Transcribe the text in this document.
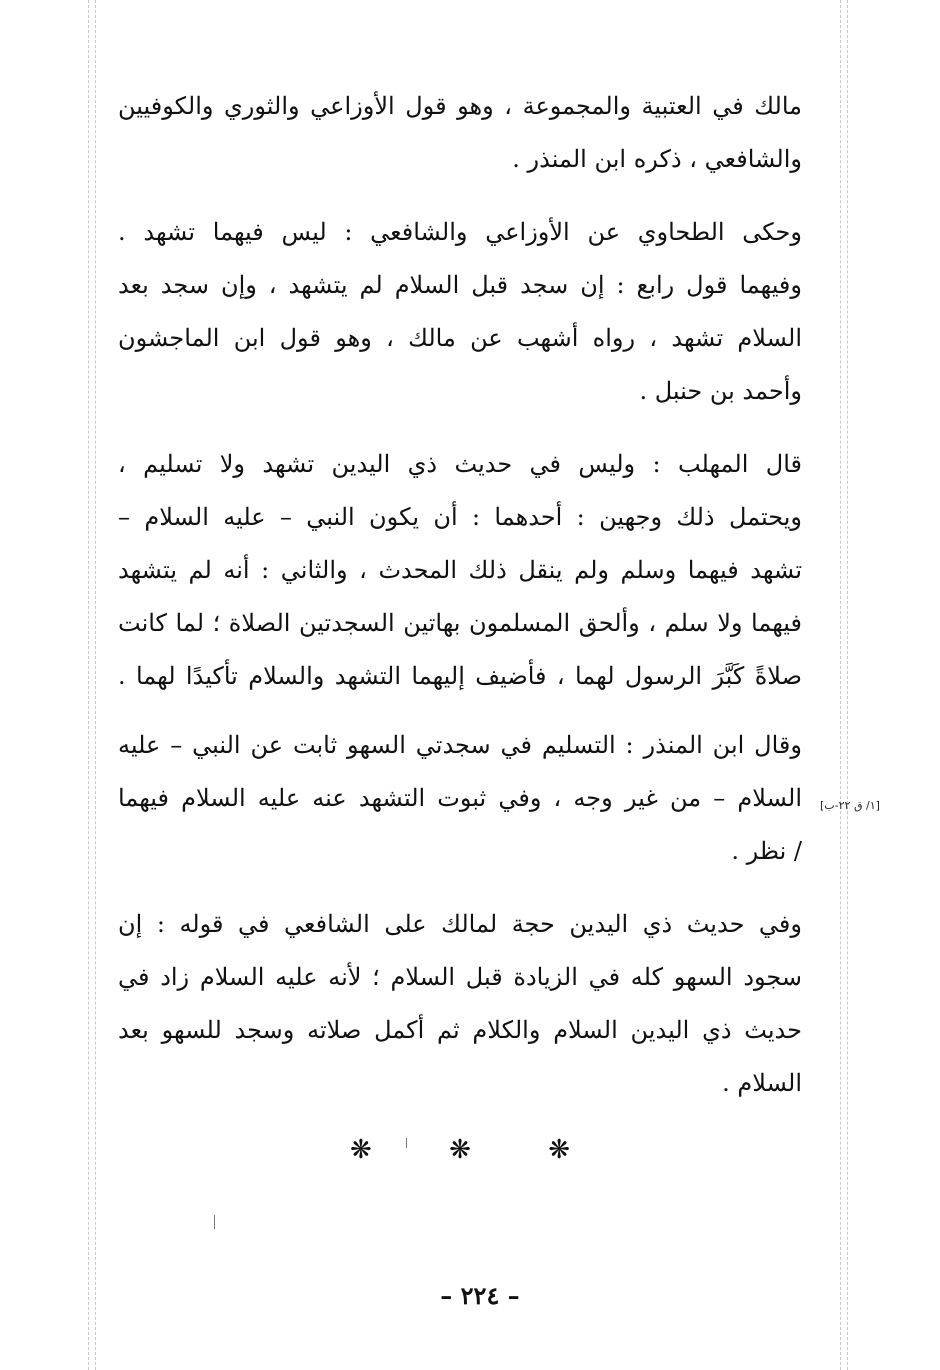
مالك في العتبية والمجموعة ، وهو قول الأوزاعي والثوري والكوفيين
والشافعي ، ذكره ابن المنذر .
وحكى الطحاوي عن الأوزاعي والشافعي : ليس فيهما تشهد .
وفيهما قول رابع : إن سجد قبل السلام لم يتشهد ، وإن سجد بعد
السلام تشهد ، رواه أشهب عن مالك ، وهو قول ابن الماجشون
وأحمد بن حنبل .
قال المهلب : وليس في حديث ذي اليدين تشهد ولا تسليم ،
ويحتمل ذلك وجهين : أحدهما : أن يكون النبي – عليه السلام –
تشهد فيهما وسلم ولم ينقل ذلك المحدث ، والثاني : أنه لم يتشهد
فيهما ولا سلم ، وألحق المسلمون بهاتين السجدتين الصلاة ؛ لما كانت
صلاةً كَبَّرَ الرسول لهما ، فأضيف إليهما التشهد والسلام تأكيدًا لهما .
وقال ابن المنذر : التسليم في سجدتي السهو ثابت عن النبي – عليه
السلام – من غير وجه ، وفي ثبوت التشهد عنه عليه السلام فيهما
/ نظر .
وفي حديث ذي اليدين حجة لمالك على الشافعي في قوله : إن
سجود السهو كله في الزيادة قبل السلام ؛ لأنه عليه السلام زاد في
حديث ذي اليدين السلام والكلام ثم أكمل صلاته وسجد للسهو بعد
السلام .
[١/ ق ٢٢-ب]
❋	❋	❋
– ٢٢٤ –
